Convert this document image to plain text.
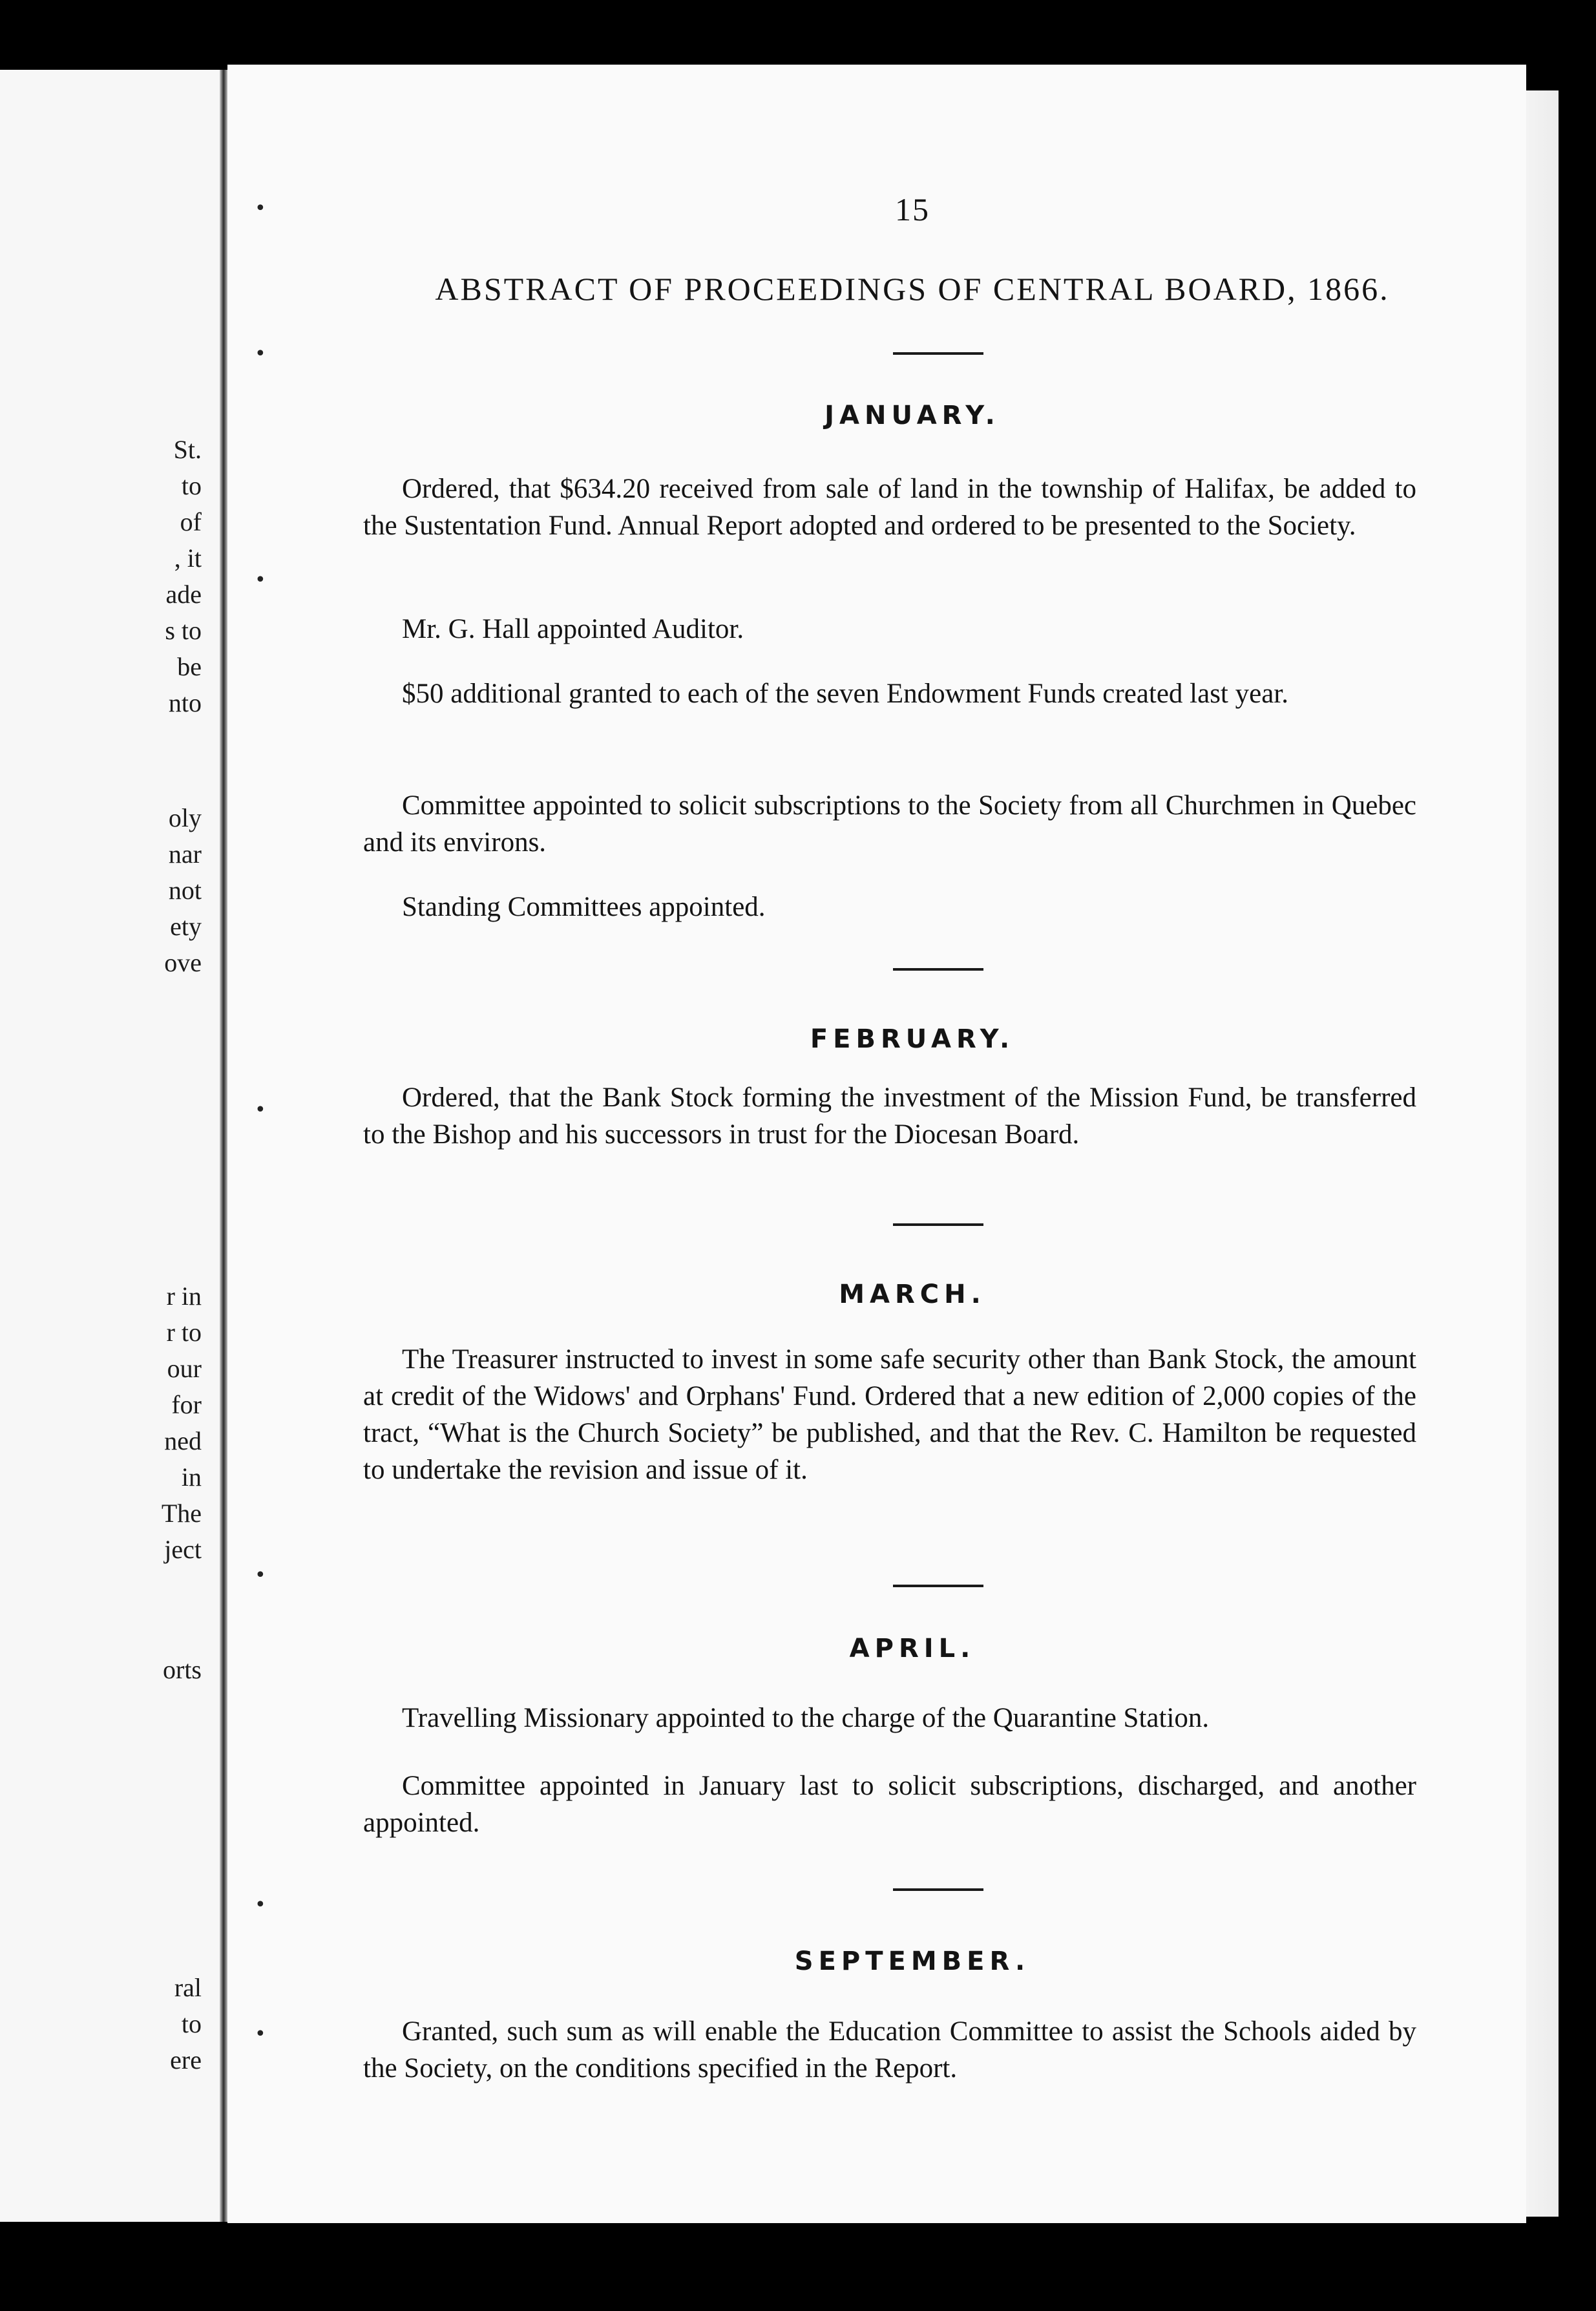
St.
to
of
, it
ade
s to
be
nto
oly
nar
not
ety
ove
r in
r to
our
for
ned
in
The
ject
orts
ral
to
ere
•
•
•
•
•
•
•
15
ABSTRACT OF PROCEEDINGS OF CENTRAL BOARD, 1866.
JANUARY.
Ordered, that $634.20 received from sale of land in the township of Halifax, be added to the Sustentation Fund. Annual Report adopted and ordered to be presented to the Society.
Mr. G. Hall appointed Auditor.
$50 additional granted to each of the seven Endowment Funds created last year.
Committee appointed to solicit subscriptions to the Society from all Churchmen in Quebec and its environs.
Standing Committees appointed.
FEBRUARY.
Ordered, that the Bank Stock forming the investment of the Mission Fund, be transferred to the Bishop and his successors in trust for the Diocesan Board.
MARCH.
The Treasurer instructed to invest in some safe security other than Bank Stock, the amount at credit of the Widows' and Orphans' Fund. Ordered that a new edition of 2,000 copies of the tract, “What is the Church Society” be published, and that the Rev. C. Hamilton be requested to undertake the revision and issue of it.
APRIL.
Travelling Missionary appointed to the charge of the Quarantine Station.
Committee appointed in January last to solicit subscriptions, discharged, and another appointed.
SEPTEMBER.
Granted, such sum as will enable the Education Committee to assist the Schools aided by the Society, on the conditions specified in the Report.
